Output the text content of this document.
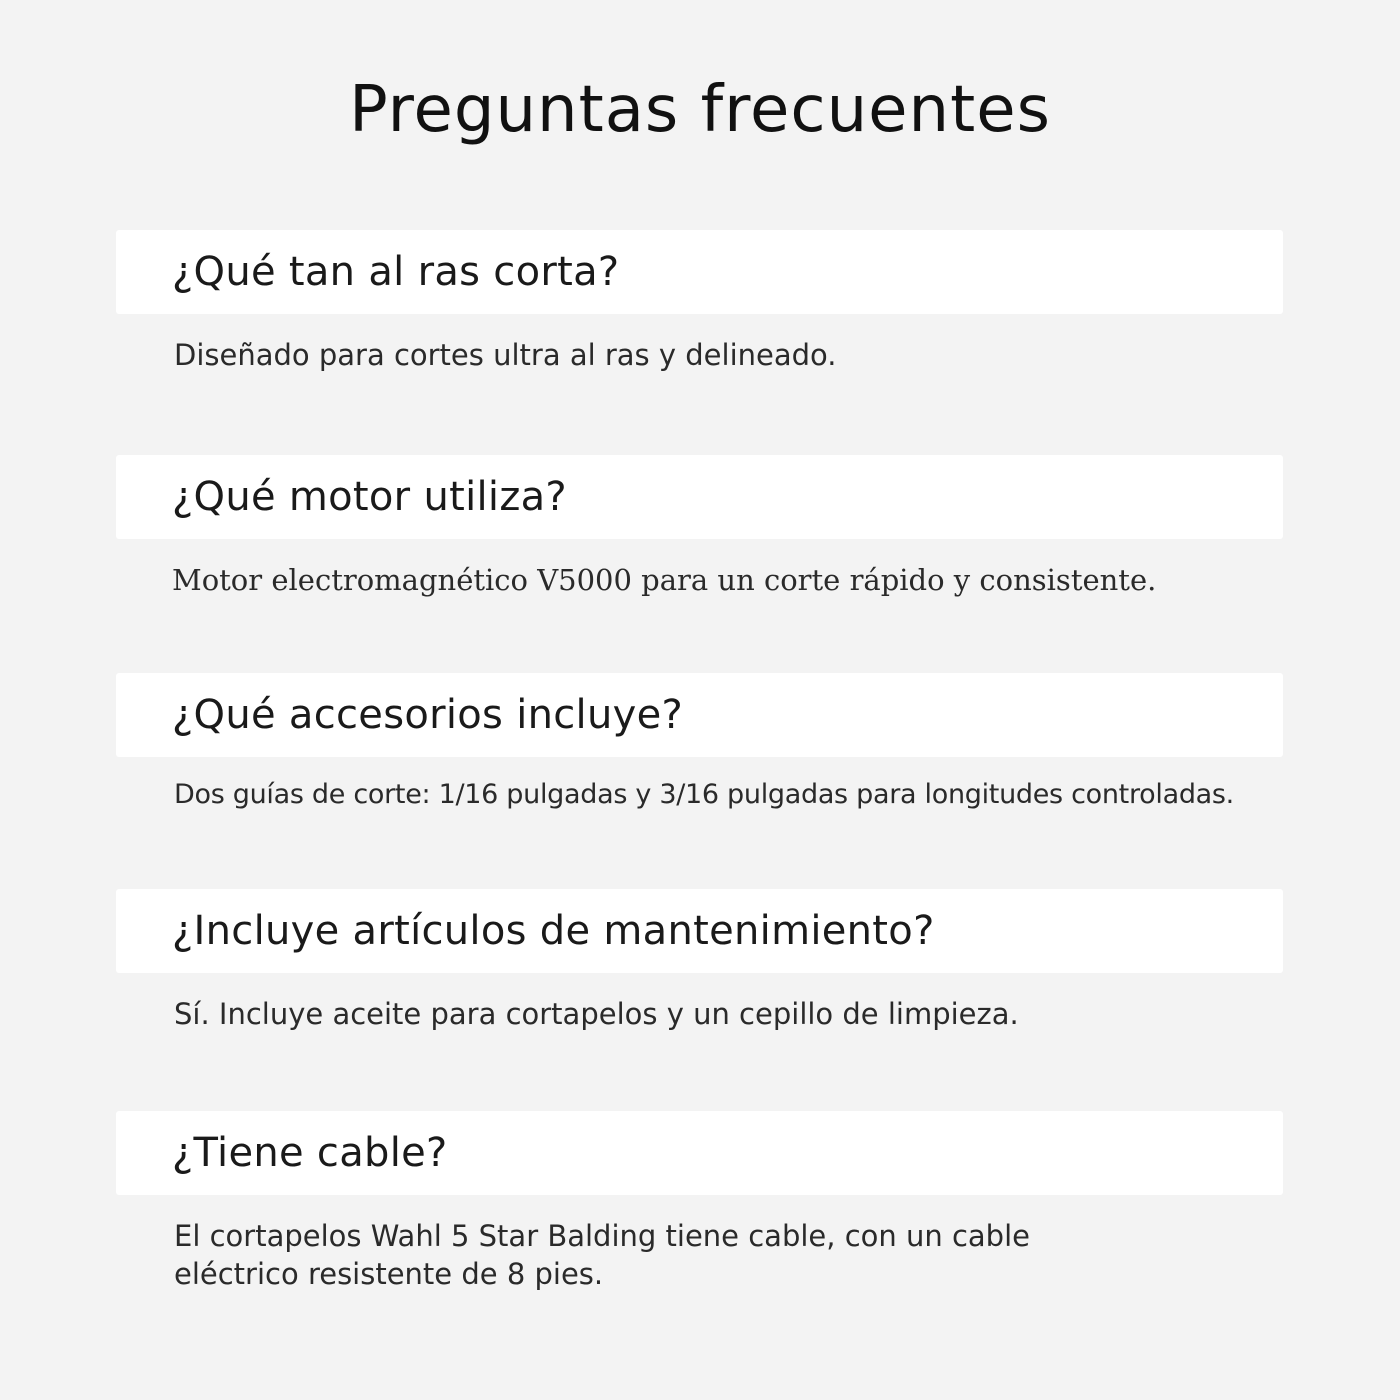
Preguntas frecuentes
¿Qué tan al ras corta?
Diseñado para cortes ultra al ras y delineado.
¿Qué motor utiliza?
Motor electromagnético V5000 para un corte rápido y consistente.
¿Qué accesorios incluye?
Dos guías de corte: 1/16 pulgadas y 3/16 pulgadas para longitudes controladas.
¿Incluye artículos de mantenimiento?
Sí. Incluye aceite para cortapelos y un cepillo de limpieza.
¿Tiene cable?
El cortapelos Wahl 5 Star Balding tiene cable, con un cable
eléctrico resistente de 8 pies.
